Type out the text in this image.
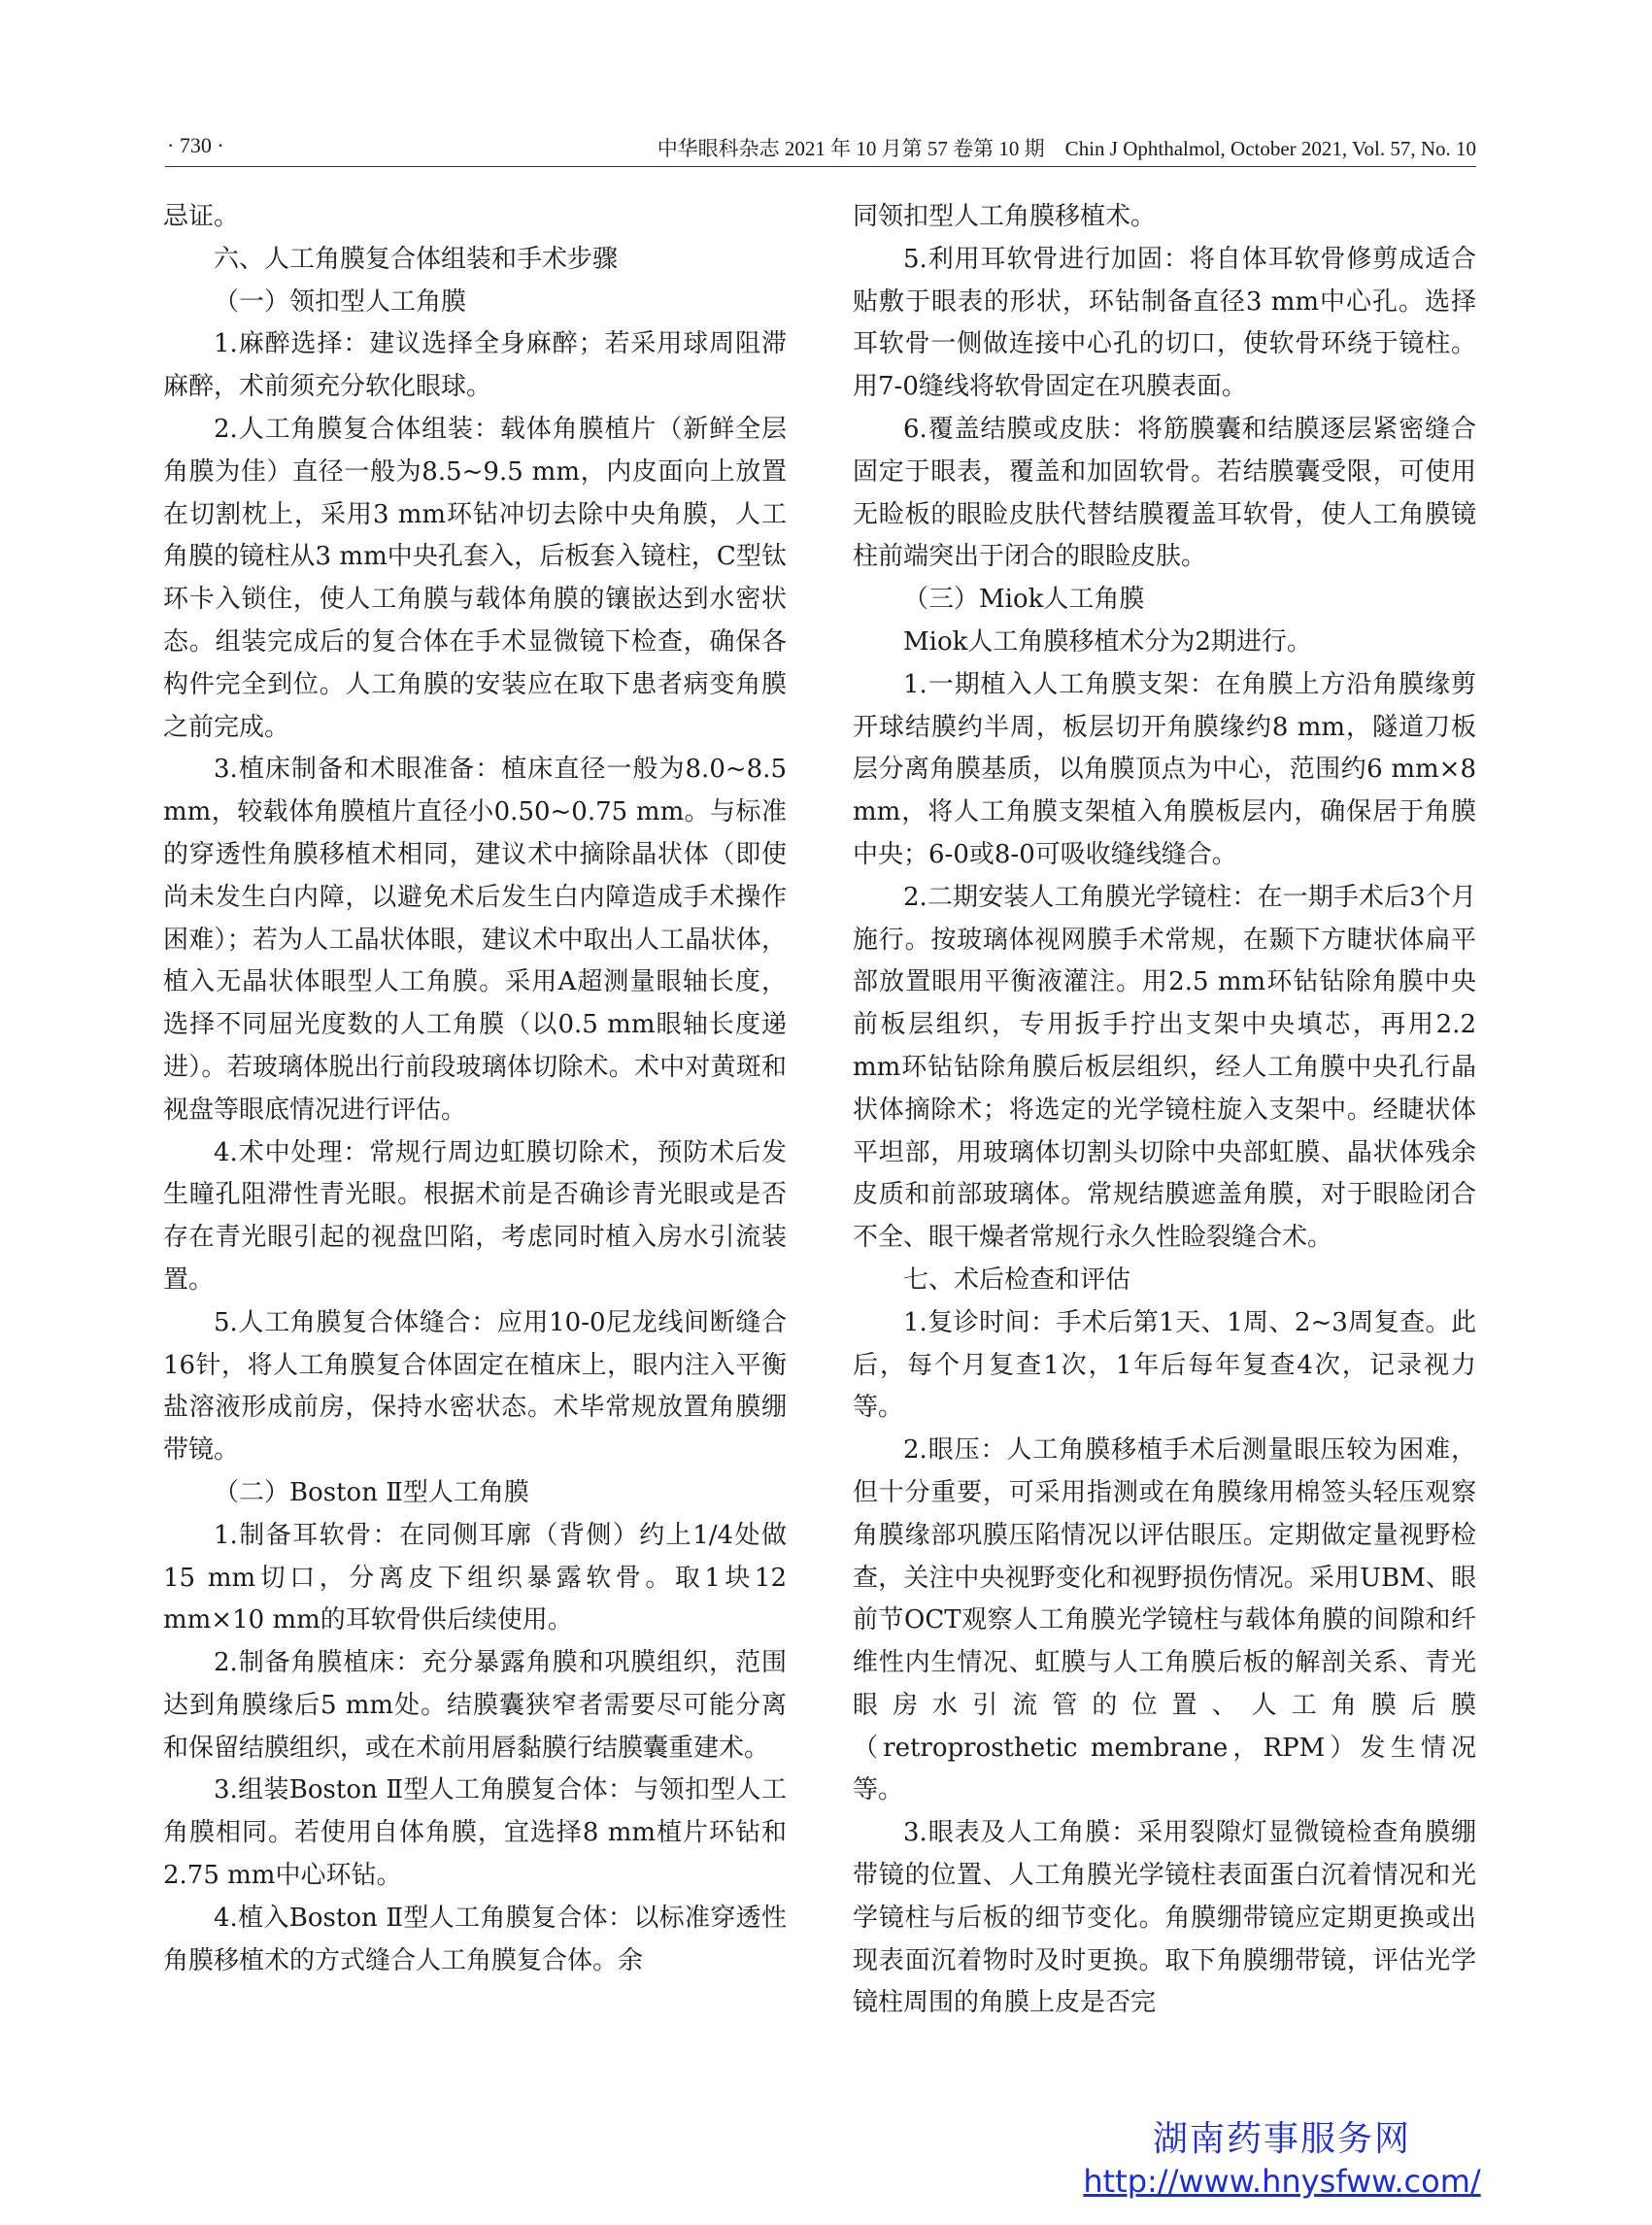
· 730 ·	中华眼科杂志 2021 年 10 月第 57 卷第 10 期　Chin J Ophthalmol, October 2021, Vol. 57, No. 10

忌证。

六、人工角膜复合体组装和手术步骤

（一）领扣型人工角膜

1.麻醉选择：建议选择全身麻醉；若采用球周阻滞麻醉，术前须充分软化眼球。

2.人工角膜复合体组装：载体角膜植片（新鲜全层角膜为佳）直径一般为8.5~9.5 mm，内皮面向上放置在切割枕上，采用3 mm环钻冲切去除中央角膜，人工角膜的镜柱从3 mm中央孔套入，后板套入镜柱，C型钛环卡入锁住，使人工角膜与载体角膜的镶嵌达到水密状态。组装完成后的复合体在手术显微镜下检查，确保各构件完全到位。人工角膜的安装应在取下患者病变角膜之前完成。

3.植床制备和术眼准备：植床直径一般为8.0~8.5 mm，较载体角膜植片直径小0.50~0.75 mm。与标准的穿透性角膜移植术相同，建议术中摘除晶状体（即使尚未发生白内障，以避免术后发生白内障造成手术操作困难）；若为人工晶状体眼，建议术中取出人工晶状体，植入无晶状体眼型人工角膜。采用A超测量眼轴长度，选择不同屈光度数的人工角膜（以0.5 mm眼轴长度递进）。若玻璃体脱出行前段玻璃体切除术。术中对黄斑和视盘等眼底情况进行评估。

4.术中处理：常规行周边虹膜切除术，预防术后发生瞳孔阻滞性青光眼。根据术前是否确诊青光眼或是否存在青光眼引起的视盘凹陷，考虑同时植入房水引流装置。

5.人工角膜复合体缝合：应用10-0尼龙线间断缝合16针，将人工角膜复合体固定在植床上，眼内注入平衡盐溶液形成前房，保持水密状态。术毕常规放置角膜绷带镜。

（二）Boston Ⅱ型人工角膜

1.制备耳软骨：在同侧耳廓（背侧）约上1/4处做15 mm切口，分离皮下组织暴露软骨。取1块12 mm×10 mm的耳软骨供后续使用。

2.制备角膜植床：充分暴露角膜和巩膜组织，范围达到角膜缘后5 mm处。结膜囊狭窄者需要尽可能分离和保留结膜组织，或在术前用唇黏膜行结膜囊重建术。

3.组装Boston Ⅱ型人工角膜复合体：与领扣型人工角膜相同。若使用自体角膜，宜选择8 mm植片环钻和2.75 mm中心环钻。

4.植入Boston Ⅱ型人工角膜复合体：以标准穿透性角膜移植术的方式缝合人工角膜复合体。余

同领扣型人工角膜移植术。

5.利用耳软骨进行加固：将自体耳软骨修剪成适合贴敷于眼表的形状，环钻制备直径3 mm中心孔。选择耳软骨一侧做连接中心孔的切口，使软骨环绕于镜柱。用7-0缝线将软骨固定在巩膜表面。

6.覆盖结膜或皮肤：将筋膜囊和结膜逐层紧密缝合固定于眼表，覆盖和加固软骨。若结膜囊受限，可使用无睑板的眼睑皮肤代替结膜覆盖耳软骨，使人工角膜镜柱前端突出于闭合的眼睑皮肤。

（三）Miok人工角膜

Miok人工角膜移植术分为2期进行。

1.一期植入人工角膜支架：在角膜上方沿角膜缘剪开球结膜约半周，板层切开角膜缘约8 mm，隧道刀板层分离角膜基质，以角膜顶点为中心，范围约6 mm×8 mm，将人工角膜支架植入角膜板层内，确保居于角膜中央；6-0或8-0可吸收缝线缝合。

2.二期安装人工角膜光学镜柱：在一期手术后3个月施行。按玻璃体视网膜手术常规，在颞下方睫状体扁平部放置眼用平衡液灌注。用2.5 mm环钻钻除角膜中央前板层组织，专用扳手拧出支架中央填芯，再用2.2 mm环钻钻除角膜后板层组织，经人工角膜中央孔行晶状体摘除术；将选定的光学镜柱旋入支架中。经睫状体平坦部，用玻璃体切割头切除中央部虹膜、晶状体残余皮质和前部玻璃体。常规结膜遮盖角膜，对于眼睑闭合不全、眼干燥者常规行永久性睑裂缝合术。

七、术后检查和评估

1.复诊时间：手术后第1天、1周、2~3周复查。此后，每个月复查1次，1年后每年复查4次，记录视力等。

2.眼压：人工角膜移植手术后测量眼压较为困难，但十分重要，可采用指测或在角膜缘用棉签头轻压观察角膜缘部巩膜压陷情况以评估眼压。定期做定量视野检查，关注中央视野变化和视野损伤情况。采用UBM、眼前节OCT观察人工角膜光学镜柱与载体角膜的间隙和纤维性内生情况、虹膜与人工角膜后板的解剖关系、青光眼房水引流管的位置、人工角膜后膜（retroprosthetic membrane，RPM）发生情况等。

3.眼表及人工角膜：采用裂隙灯显微镜检查角膜绷带镜的位置、人工角膜光学镜柱表面蛋白沉着情况和光学镜柱与后板的细节变化。角膜绷带镜应定期更换或出现表面沉着物时及时更换。取下角膜绷带镜，评估光学镜柱周围的角膜上皮是否完

湖南药事服务网
http://www.hnysfww.com/
